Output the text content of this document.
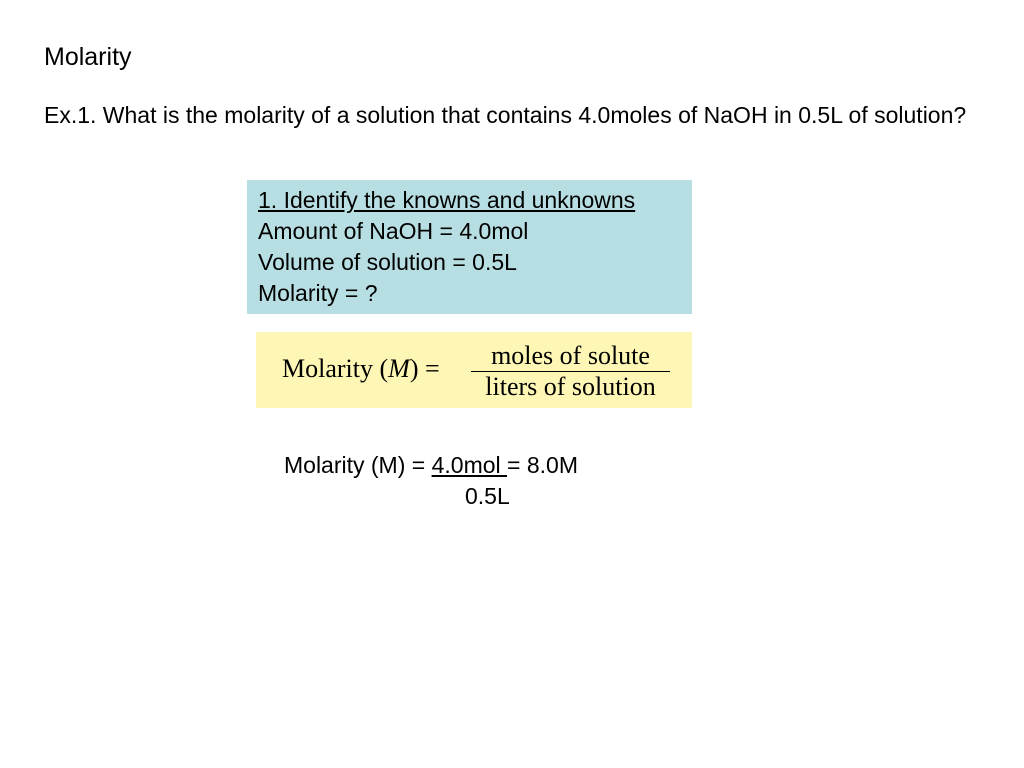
Molarity
Ex.1. What is the molarity of a solution that contains 4.0moles of NaOH in 0.5L of solution?
1. Identify the knowns and unknowns
Amount of NaOH = 4.0mol
Volume of solution = 0.5L
Molarity = ?
Molarity (M) =	moles of solute
liters of solution
Molarity (M) = 4.0mol = 8.0M
0.5L
